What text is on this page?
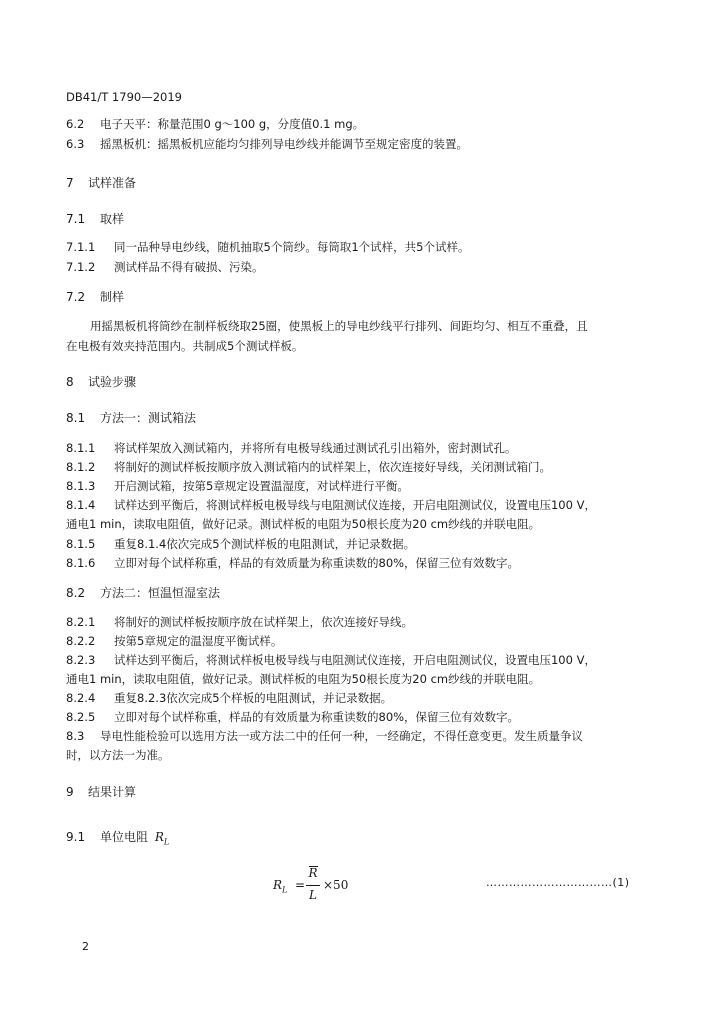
DB41/T 1790—2019
6.2 电子天平：称量范围0 g～100 g，分度值0.1 mg。
6.3 摇黑板机：摇黑板机应能均匀排列导电纱线并能调节至规定密度的装置。
7 试样准备
7.1 取样
7.1.1 同一品种导电纱线，随机抽取5个筒纱。每筒取1个试样，共5个试样。
7.1.2 测试样品不得有破损、污染。
7.2 制样
用摇黑板机将筒纱在制样板绕取25圈，使黑板上的导电纱线平行排列、间距均匀、相互不重叠，且
在电极有效夹持范围内。共制成5个测试样板。
8 试验步骤
8.1 方法一：测试箱法
8.1.1 将试样架放入测试箱内，并将所有电极导线通过测试孔引出箱外，密封测试孔。
8.1.2 将制好的测试样板按顺序放入测试箱内的试样架上，依次连接好导线，关闭测试箱门。
8.1.3 开启测试箱，按第5章规定设置温湿度，对试样进行平衡。
8.1.4 试样达到平衡后，将测试样板电极导线与电阻测试仪连接，开启电阻测试仪，设置电压100 V，
通电1 min，读取电阻值，做好记录。测试样板的电阻为50根长度为20 cm纱线的并联电阻。
8.1.5 重复8.1.4依次完成5个测试样板的电阻测试，并记录数据。
8.1.6 立即对每个试样称重，样品的有效质量为称重读数的80%，保留三位有效数字。
8.2 方法二：恒温恒湿室法
8.2.1 将制好的测试样板按顺序放在试样架上，依次连接好导线。
8.2.2 按第5章规定的温湿度平衡试样。
8.2.3 试样达到平衡后，将测试样板电极导线与电阻测试仪连接，开启电阻测试仪，设置电压100 V，
通电1 min，读取电阻值，做好记录。测试样板的电阻为50根长度为20 cm纱线的并联电阻。
8.2.4 重复8.2.3依次完成5个样板的电阻测试，并记录数据。
8.2.5 立即对每个试样称重，样品的有效质量为称重读数的80%，保留三位有效数字。
8.3 导电性能检验可以选用方法一或方法二中的任何一种，一经确定，不得任意变更。发生质量争议
时，以方法一为准。
9 结果计算
9.1 单位电阻 $R_L$
$R_L$ =
R
L
×50	……………………………(1)
2
